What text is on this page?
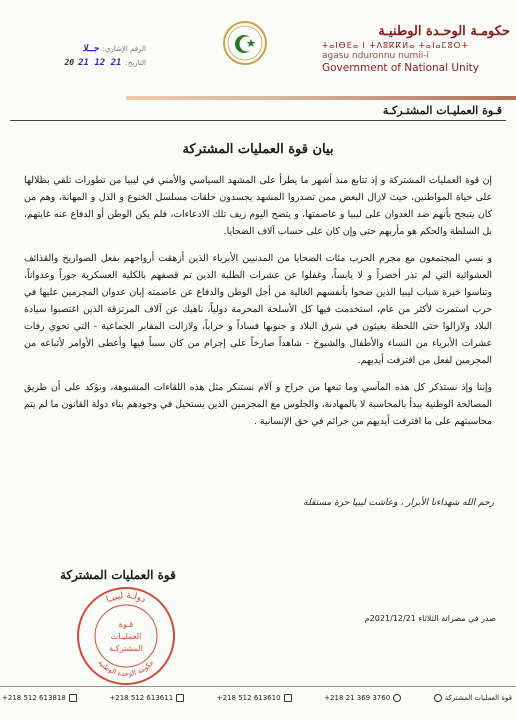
الرقم الإشاري:
جـلا
التاريخ:
21 12 21
20
حكومـة الوحـدة الوطنيـة
ⵜⴰⵏⴱⴹⴰ ⵏ ⵜⴷⵓⴽⴽⵍⴰ ⵜⴰⵏⴰⵎⵓⵔⵜ
agasu nduronnu numii-i
Government of National Unity
قـوة العمليـات المشتـركـة
بيان قوة العمليات المشتركة

إن قوة العمليات المشتركة و إذ تتابع منذ أشهر ما يطرأ على المشهد السياسي والأمني في ليبيا من تطورات تلقي بظلالها على حياة المواطنين، حيث لازال البعض ممن تصدروا المشهد يجسدون حلقات مسلسل الخنوع و الذل و المهانة، وهم من كان يتبجح بأنهم ضد العدوان على ليبيا و عاصمتها، و يتضح اليوم زيف تلك الادعاءات، فلم يكن الوطن أو الدفاع عنه غايتهم، بل السلطة والحكم هو مأربهم حتى وإن كان على حساب آلاف الضحايا.

و نسي المجتمعون مع مجرم الحرب مئات الضحايا من المدنيين الأبرياء الذين أزهقت أرواحهم بفعل الصواريخ والقذائف العشوائية التي لم تذر أخضراً و لا يابساً، وغفلوا عن عشرات الطلبة الذين تم قصفهم بالكلية العسكرية جوراً وعدواناً، وتناسوا خيرة شباب ليبيا الذين ضحوا بأنفسهم الغالية من أجل الوطن والدفاع عن عاصمته إبان عدوان المجرمين عليها في حرب استمرت لأكثر من عام، استخدمت فيها كل الأسلحة المحرمة دولياً، ناهيك عن آلاف المرتزقة الذين اغتصبوا سيادة البلاد ولازالوا حتى اللحظة يعيثون في شرق البلاد و جنوبها فساداً و خراباً، ولازالت المقابر الجماعية - التي تحوي رفات عشرات الأبرياء من النساء والأطفال والشيوخ - شاهداً صارخاً على إجرام من كان سبباً فيها وأعطى الأوامر لأتباعه من المجرمين لفعل من اقترفت أيديهم.

وإننا وإذ نستذكر كل هذه المآسي وما تبعها من جراح و آلام نستنكر مثل هذه اللقاءات المشبوهة، ونؤكد على أن طريق المصالحة الوطنية يبدأ بالمحاسبة لا بالمهادنة، والجلوس مع المجرمين الذين يستحيل في وجودهم بناء دولة القانون ما لم يتم محاسبتهم على ما اقترفت أيديهم من جرائم في حق الإنسانية .

رحم الله شهداءنا الأبرار ، وعاشت ليبيا حرة مستقلة
قوة العمليات المشتركة
دولـة ليبيـا
حكومة الوحدة الوطنية
قـوة
العمليـات
المشتركـة
صدر في مصراتة الثلاثاء 2021/12/21م
+218 512 613818	+218 512 613611	+218 512 613610	+218 21 369 3760	قوة العمليات المشتركة
